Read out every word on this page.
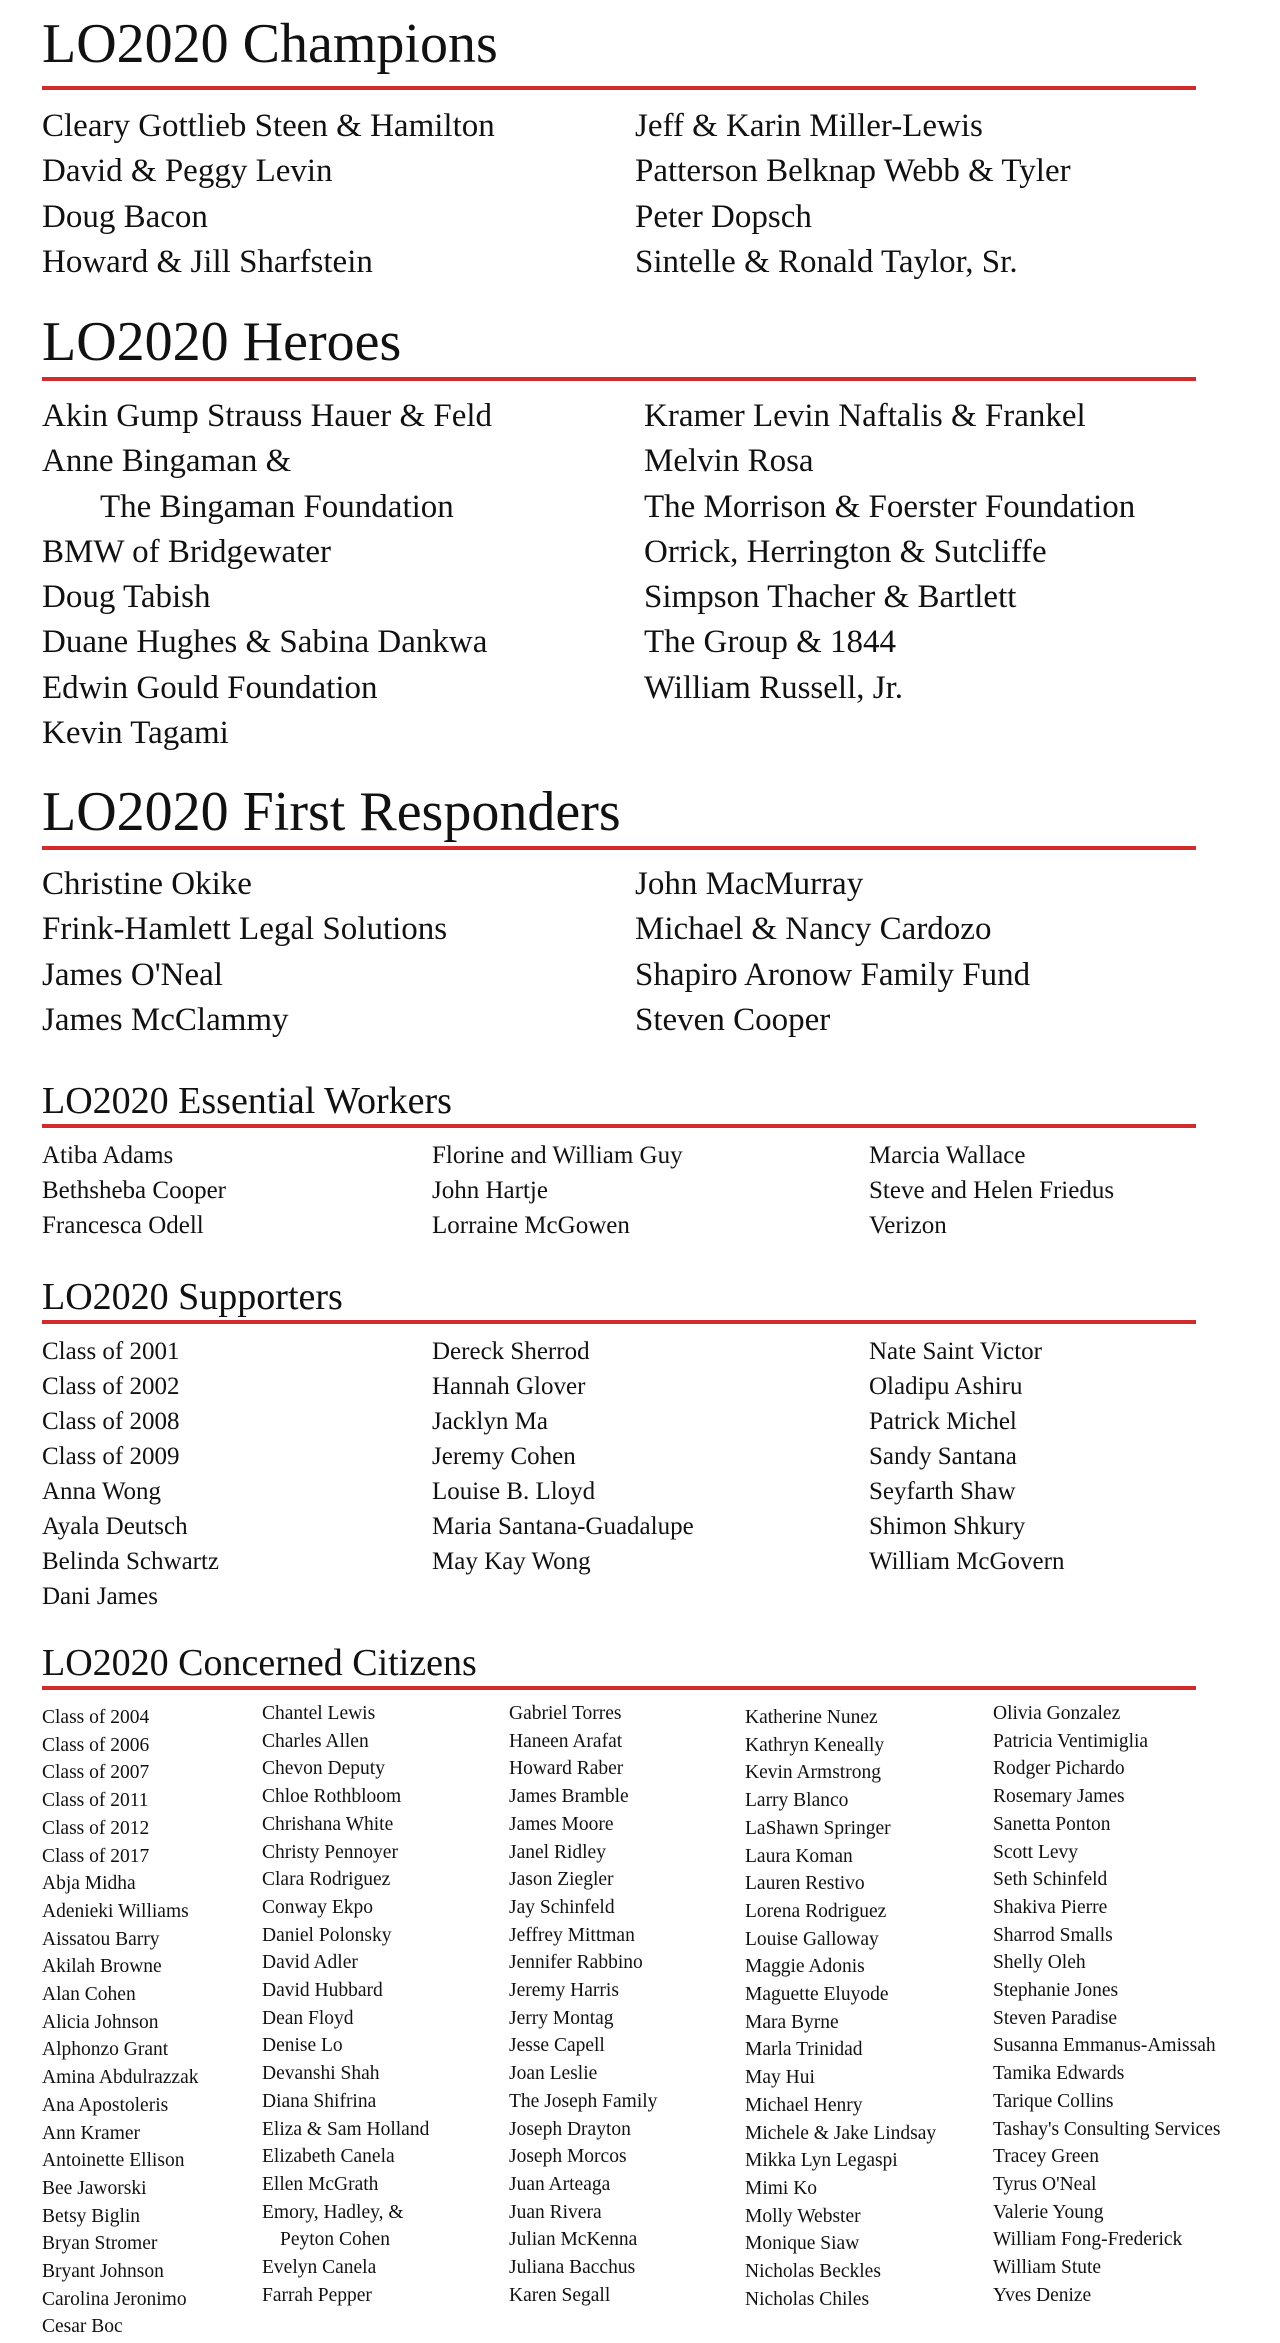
LO2020 Champions
Cleary Gottlieb Steen & Hamilton
David & Peggy Levin
Doug Bacon
Howard & Jill Sharfstein
Jeff & Karin Miller-Lewis
Patterson Belknap Webb & Tyler
Peter Dopsch
Sintelle & Ronald Taylor, Sr.
LO2020 Heroes
Akin Gump Strauss Hauer & Feld
Anne Bingaman &
The Bingaman Foundation
BMW of Bridgewater
Doug Tabish
Duane Hughes & Sabina Dankwa
Edwin Gould Foundation
Kevin Tagami
Kramer Levin Naftalis & Frankel
Melvin Rosa
The Morrison & Foerster Foundation
Orrick, Herrington & Sutcliffe
Simpson Thacher & Bartlett
The Group & 1844
William Russell, Jr.
LO2020 First Responders
Christine Okike
Frink-Hamlett Legal Solutions
James O'Neal
James McClammy
John MacMurray
Michael & Nancy Cardozo
Shapiro Aronow Family Fund
Steven Cooper
LO2020 Essential Workers
Atiba Adams
Bethsheba Cooper
Francesca Odell
Florine and William Guy
John Hartje
Lorraine McGowen
Marcia Wallace
Steve and Helen Friedus
Verizon
LO2020 Supporters
Class of 2001
Class of 2002
Class of 2008
Class of 2009
Anna Wong
Ayala Deutsch
Belinda Schwartz
Dani James
Dereck Sherrod
Hannah Glover
Jacklyn Ma
Jeremy Cohen
Louise B. Lloyd
Maria Santana-Guadalupe
May Kay Wong
Nate Saint Victor
Oladipu Ashiru
Patrick Michel
Sandy Santana
Seyfarth Shaw
Shimon Shkury
William McGovern
LO2020 Concerned Citizens
Class of 2004
Class of 2006
Class of 2007
Class of 2011
Class of 2012
Class of 2017
Abja Midha
Adenieki Williams
Aissatou Barry
Akilah Browne
Alan Cohen
Alicia Johnson
Alphonzo Grant
Amina Abdulrazzak
Ana Apostoleris
Ann Kramer
Antoinette Ellison
Bee Jaworski
Betsy Biglin
Bryan Stromer
Bryant Johnson
Carolina Jeronimo
Cesar Boc
Chantel Lewis
Charles Allen
Chevon Deputy
Chloe Rothbloom
Chrishana White
Christy Pennoyer
Clara Rodriguez
Conway Ekpo
Daniel Polonsky
David Adler
David Hubbard
Dean Floyd
Denise Lo
Devanshi Shah
Diana Shifrina
Eliza & Sam Holland
Elizabeth Canela
Ellen McGrath
Emory, Hadley, &
Peyton Cohen
Evelyn Canela
Farrah Pepper
Gabriel Torres
Haneen Arafat
Howard Raber
James Bramble
James Moore
Janel Ridley
Jason Ziegler
Jay Schinfeld
Jeffrey Mittman
Jennifer Rabbino
Jeremy Harris
Jerry Montag
Jesse Capell
Joan Leslie
The Joseph Family
Joseph Drayton
Joseph Morcos
Juan Arteaga
Juan Rivera
Julian McKenna
Juliana Bacchus
Karen Segall
Katherine Nunez
Kathryn Keneally
Kevin Armstrong
Larry Blanco
LaShawn Springer
Laura Koman
Lauren Restivo
Lorena Rodriguez
Louise Galloway
Maggie Adonis
Maguette Eluyode
Mara Byrne
Marla Trinidad
May Hui
Michael Henry
Michele & Jake Lindsay
Mikka Lyn Legaspi
Mimi Ko
Molly Webster
Monique Siaw
Nicholas Beckles
Nicholas Chiles
Olivia Gonzalez
Patricia Ventimiglia
Rodger Pichardo
Rosemary James
Sanetta Ponton
Scott Levy
Seth Schinfeld
Shakiva Pierre
Sharrod Smalls
Shelly Oleh
Stephanie Jones
Steven Paradise
Susanna Emmanus-Amissah
Tamika Edwards
Tarique Collins
Tashay's Consulting Services
Tracey Green
Tyrus O'Neal
Valerie Young
William Fong-Frederick
William Stute
Yves Denize
